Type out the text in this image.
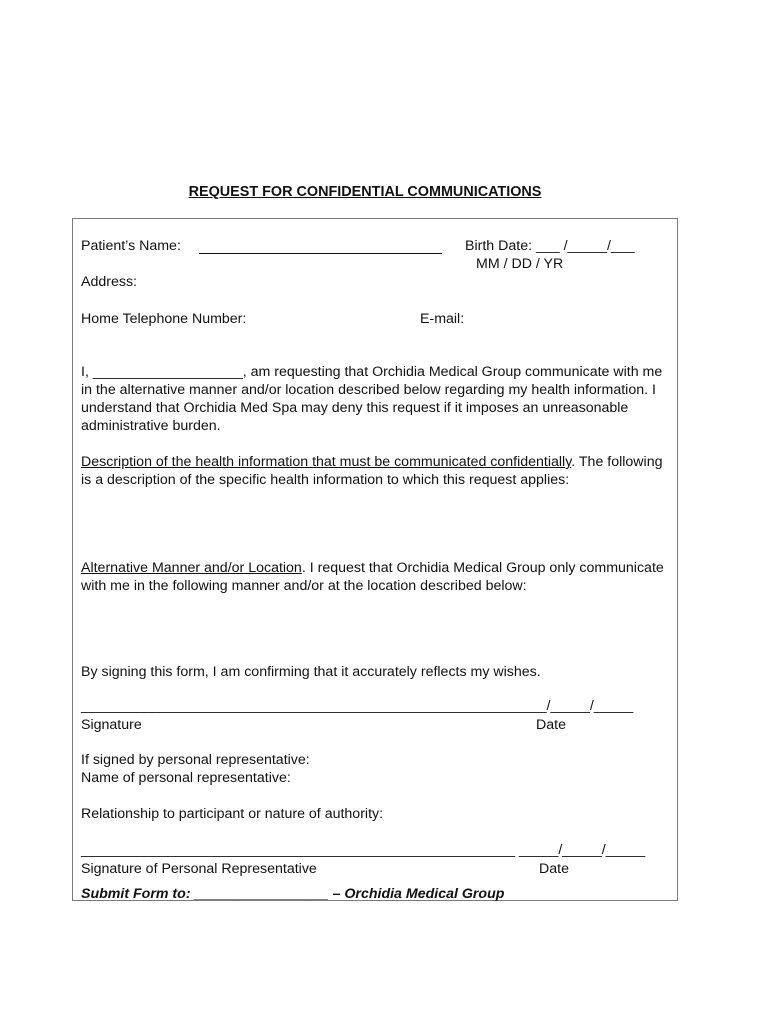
REQUEST FOR CONFIDENTIAL COMMUNICATIONS
Patient’s Name:	Birth Date: ___ /_____/___
MM / DD / YR
Address:
Home Telephone Number:	E-mail:
I, ___________________, am requesting that Orchidia Medical Group communicate with me in the alternative manner and/or location described below regarding my health information. I understand that Orchidia Med Spa may deny this request if it imposes an unreasonable administrative burden.
Description of the health information that must be communicated confidentially. The following is a description of the specific health information to which this request applies:
Alternative Manner and/or Location. I request that Orchidia Medical Group only communicate with me in the following manner and/or at the location described below:
By signing this form, I am confirming that it accurately reflects my wishes.
___________________________________________________________/_____/_____
Signature	Date
If signed by personal representative:
Name of personal representative:
Relationship to participant or nature of authority:
_______________________________________________________ _____/_____/_____
Signature of Personal Representative	Date
Submit Form to: _________________ – Orchidia Medical Group
